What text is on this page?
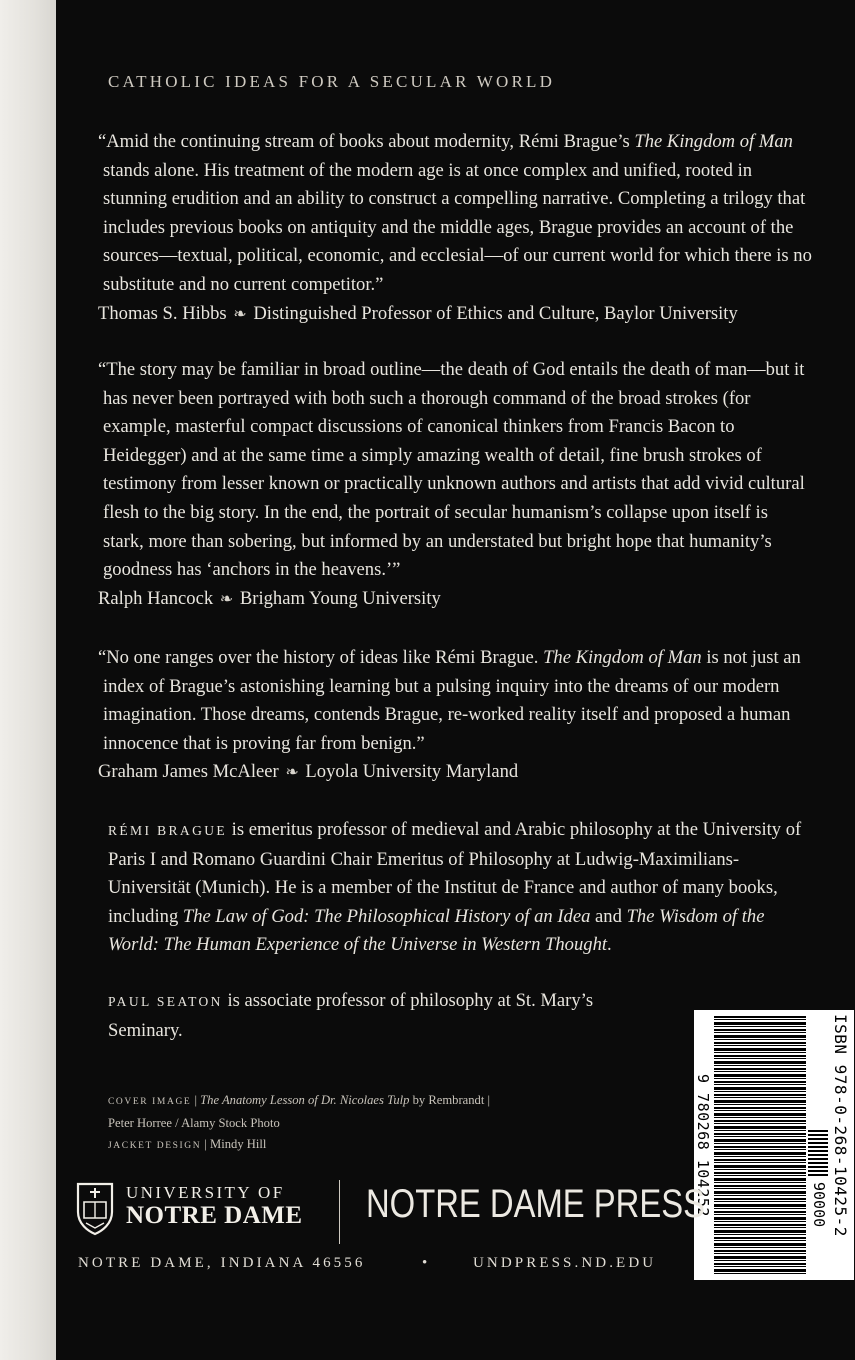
CATHOLIC IDEAS FOR A SECULAR WORLD

“Amid the continuing stream of books about modernity, Rémi Brague’s The Kingdom of Man stands alone. His treatment of the modern age is at once complex and unified, rooted in stunning erudition and an ability to construct a compelling narrative. Completing a trilogy that includes previous books on antiquity and the middle ages, Brague provides an account of the sources—textual, political, economic, and ecclesial—of our current world for which there is no substitute and no current competitor.”

Thomas S. Hibbs ❧ Distinguished Professor of Ethics and Culture, Baylor University

“The story may be familiar in broad outline—the death of God entails the death of man—but it has never been portrayed with both such a thorough command of the broad strokes (for example, masterful compact discussions of canonical thinkers from Francis Bacon to Heidegger) and at the same time a simply amazing wealth of detail, fine brush strokes of testimony from lesser known or practically unknown authors and artists that add vivid cultural flesh to the big story. In the end, the portrait of secular humanism’s collapse upon itself is stark, more than sobering, but informed by an understated but bright hope that humanity’s goodness has ‘anchors in the heavens.’”

Ralph Hancock ❧ Brigham Young University

“No one ranges over the history of ideas like Rémi Brague. The Kingdom of Man is not just an index of Brague’s astonishing learning but a pulsing inquiry into the dreams of our modern imagination. Those dreams, contends Brague, re-worked reality itself and proposed a human innocence that is proving far from benign.”

Graham James McAleer ❧ Loyola University Maryland

RÉMI BRAGUE is emeritus professor of medieval and Arabic philosophy at the University of Paris I and Romano Guardini Chair Emeritus of Philosophy at Ludwig-Maximilians-Universität (Munich). He is a member of the Institut de France and author of many books, including The Law of God: The Philosophical History of an Idea and The Wisdom of the World: The Human Experience of the Universe in Western Thought.

PAUL SEATON is associate professor of philosophy at St. Mary’s Seminary.

COVER IMAGE | The Anatomy Lesson of Dr. Nicolaes Tulp by Rembrandt |
Peter Horree / Alamy Stock Photo
JACKET DESIGN | Mindy Hill	9 780268 104252	90000 ISBN 978-0-268-10425-2
UNIVERSITY OF
NOTRE DAME NOTRE DAME PRESS
NOTRE DAME, INDIANA 46556	•	UNDPRESS.ND.EDU
